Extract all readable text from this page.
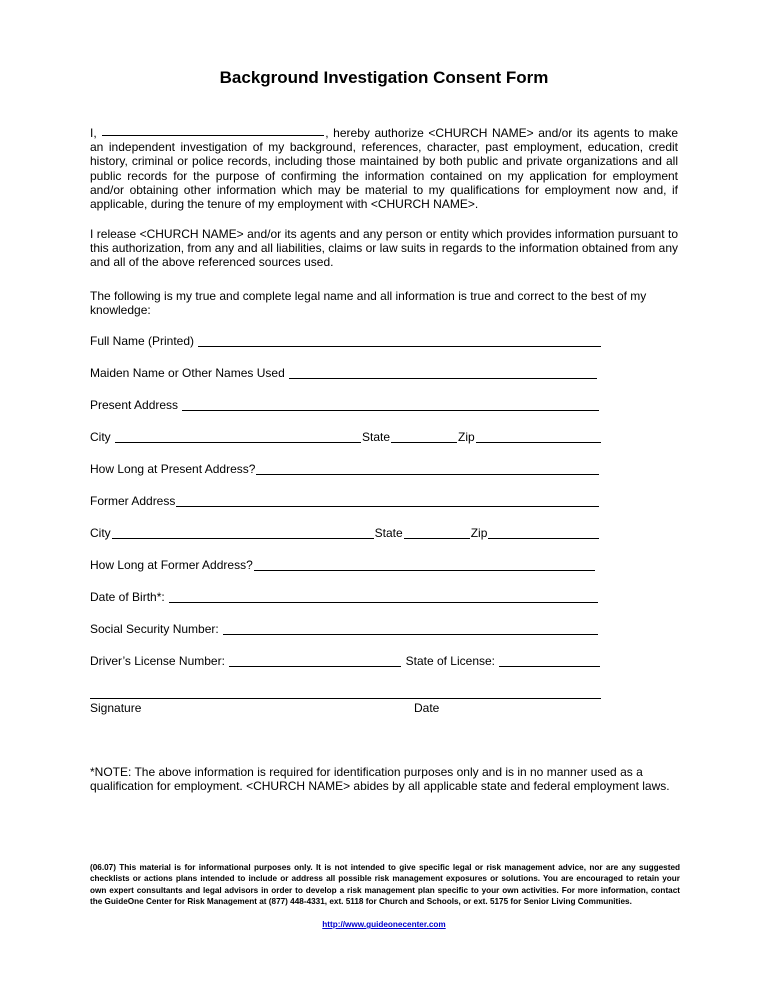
Background Investigation Consent Form
I,	, hereby authorize <CHURCH NAME> and/or its agents to make an independent investigation of my background, references, character, past employment, education, credit history, criminal or police records, including those maintained by both public and private organizations and all public records for the purpose of confirming the information contained on my application for employment and/or obtaining other information which may be material to my qualifications for employment now and, if applicable, during the tenure of my employment with <CHURCH NAME>.
I release <CHURCH NAME> and/or its agents and any person or entity which provides information pursuant to this authorization, from any and all liabilities, claims or law suits in regards to the information obtained from any and all of the above referenced sources used.
The following is my true and complete legal name and all information is true and correct to the best of my knowledge:
Full Name (Printed)
Maiden Name or Other Names Used
Present Address
City	State	Zip
How Long at Present Address?
Former Address
City	State	Zip
How Long at Former Address?
Date of Birth*:
Social Security Number:
Driver’s License Number:	State of License:
Signature	Date
*NOTE: The above information is required for identification purposes only and is in no manner used as a qualification for employment. <CHURCH NAME> abides by all applicable state and federal employment laws.
(06.07) This material is for informational purposes only. It is not intended to give specific legal or risk management advice, nor are any suggested checklists or actions plans intended to include or address all possible risk management exposures or solutions. You are encouraged to retain your own expert consultants and legal advisors in order to develop a risk management plan specific to your own activities. For more information, contact the GuideOne Center for Risk Management at (877) 448-4331, ext. 5118 for Church and Schools, or ext. 5175 for Senior Living Communities.
http://www.guideonecenter.com
